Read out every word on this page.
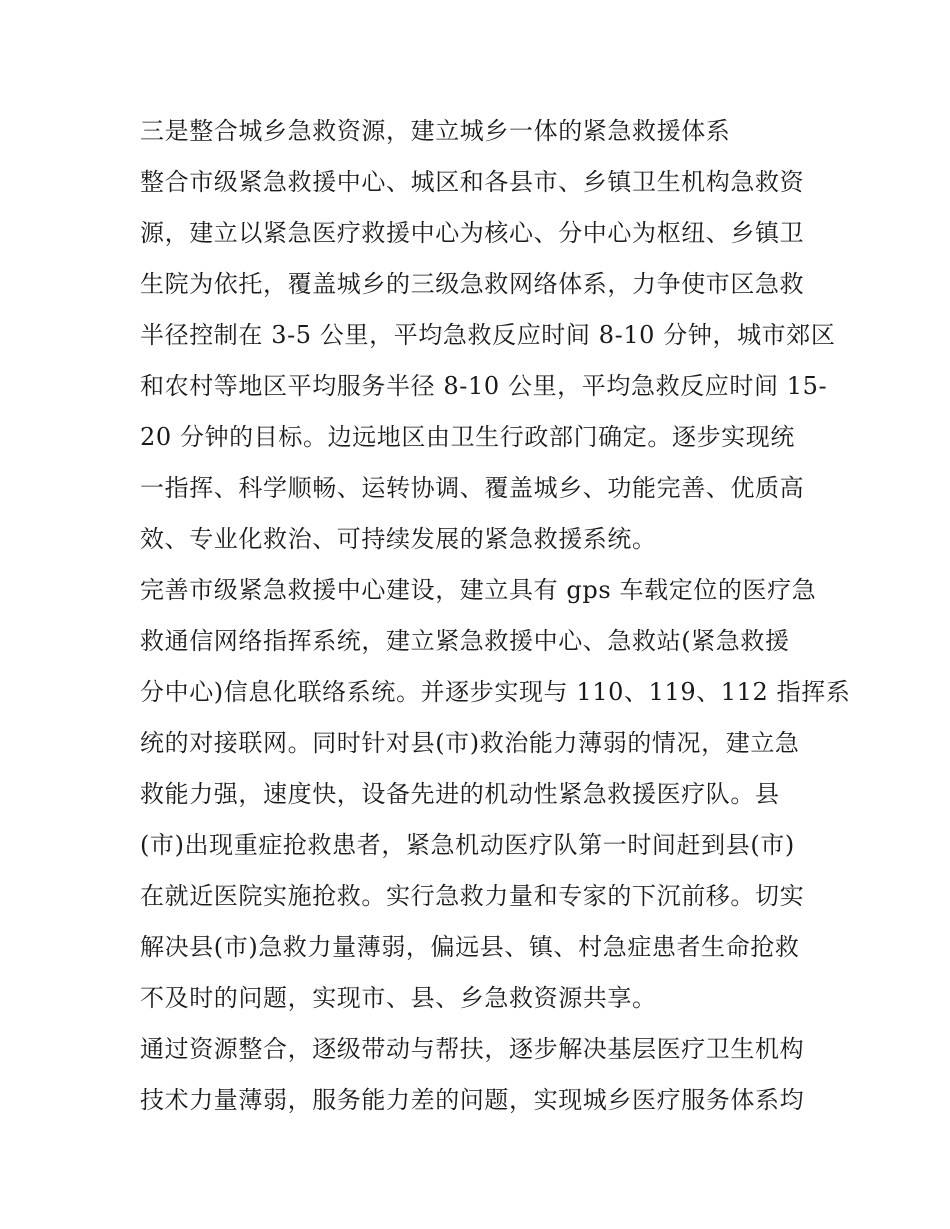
三是整合城乡急救资源，建立城乡一体的紧急救援体系
整合市级紧急救援中心、城区和各县市、乡镇卫生机构急救资
源，建立以紧急医疗救援中心为核心、分中心为枢纽、乡镇卫
生院为依托，覆盖城乡的三级急救网络体系，力争使市区急救
半径控制在 3-5 公里，平均急救反应时间 8-10 分钟，城市郊区
和农村等地区平均服务半径 8-10 公里，平均急救反应时间 15-
20 分钟的目标。边远地区由卫生行政部门确定。逐步实现统
一指挥、科学顺畅、运转协调、覆盖城乡、功能完善、优质高
效、专业化救治、可持续发展的紧急救援系统。
完善市级紧急救援中心建设，建立具有 gps 车载定位的医疗急
救通信网络指挥系统，建立紧急救援中心、急救站(紧急救援
分中心)信息化联络系统。并逐步实现与 110、119、112 指挥系
统的对接联网。同时针对县(市)救治能力薄弱的情况，建立急
救能力强，速度快，设备先进的机动性紧急救援医疗队。县
(市)出现重症抢救患者，紧急机动医疗队第一时间赶到县(市)
在就近医院实施抢救。实行急救力量和专家的下沉前移。切实
解决县(市)急救力量薄弱，偏远县、镇、村急症患者生命抢救
不及时的问题，实现市、县、乡急救资源共享。
通过资源整合，逐级带动与帮扶，逐步解决基层医疗卫生机构
技术力量薄弱，服务能力差的问题，实现城乡医疗服务体系均
